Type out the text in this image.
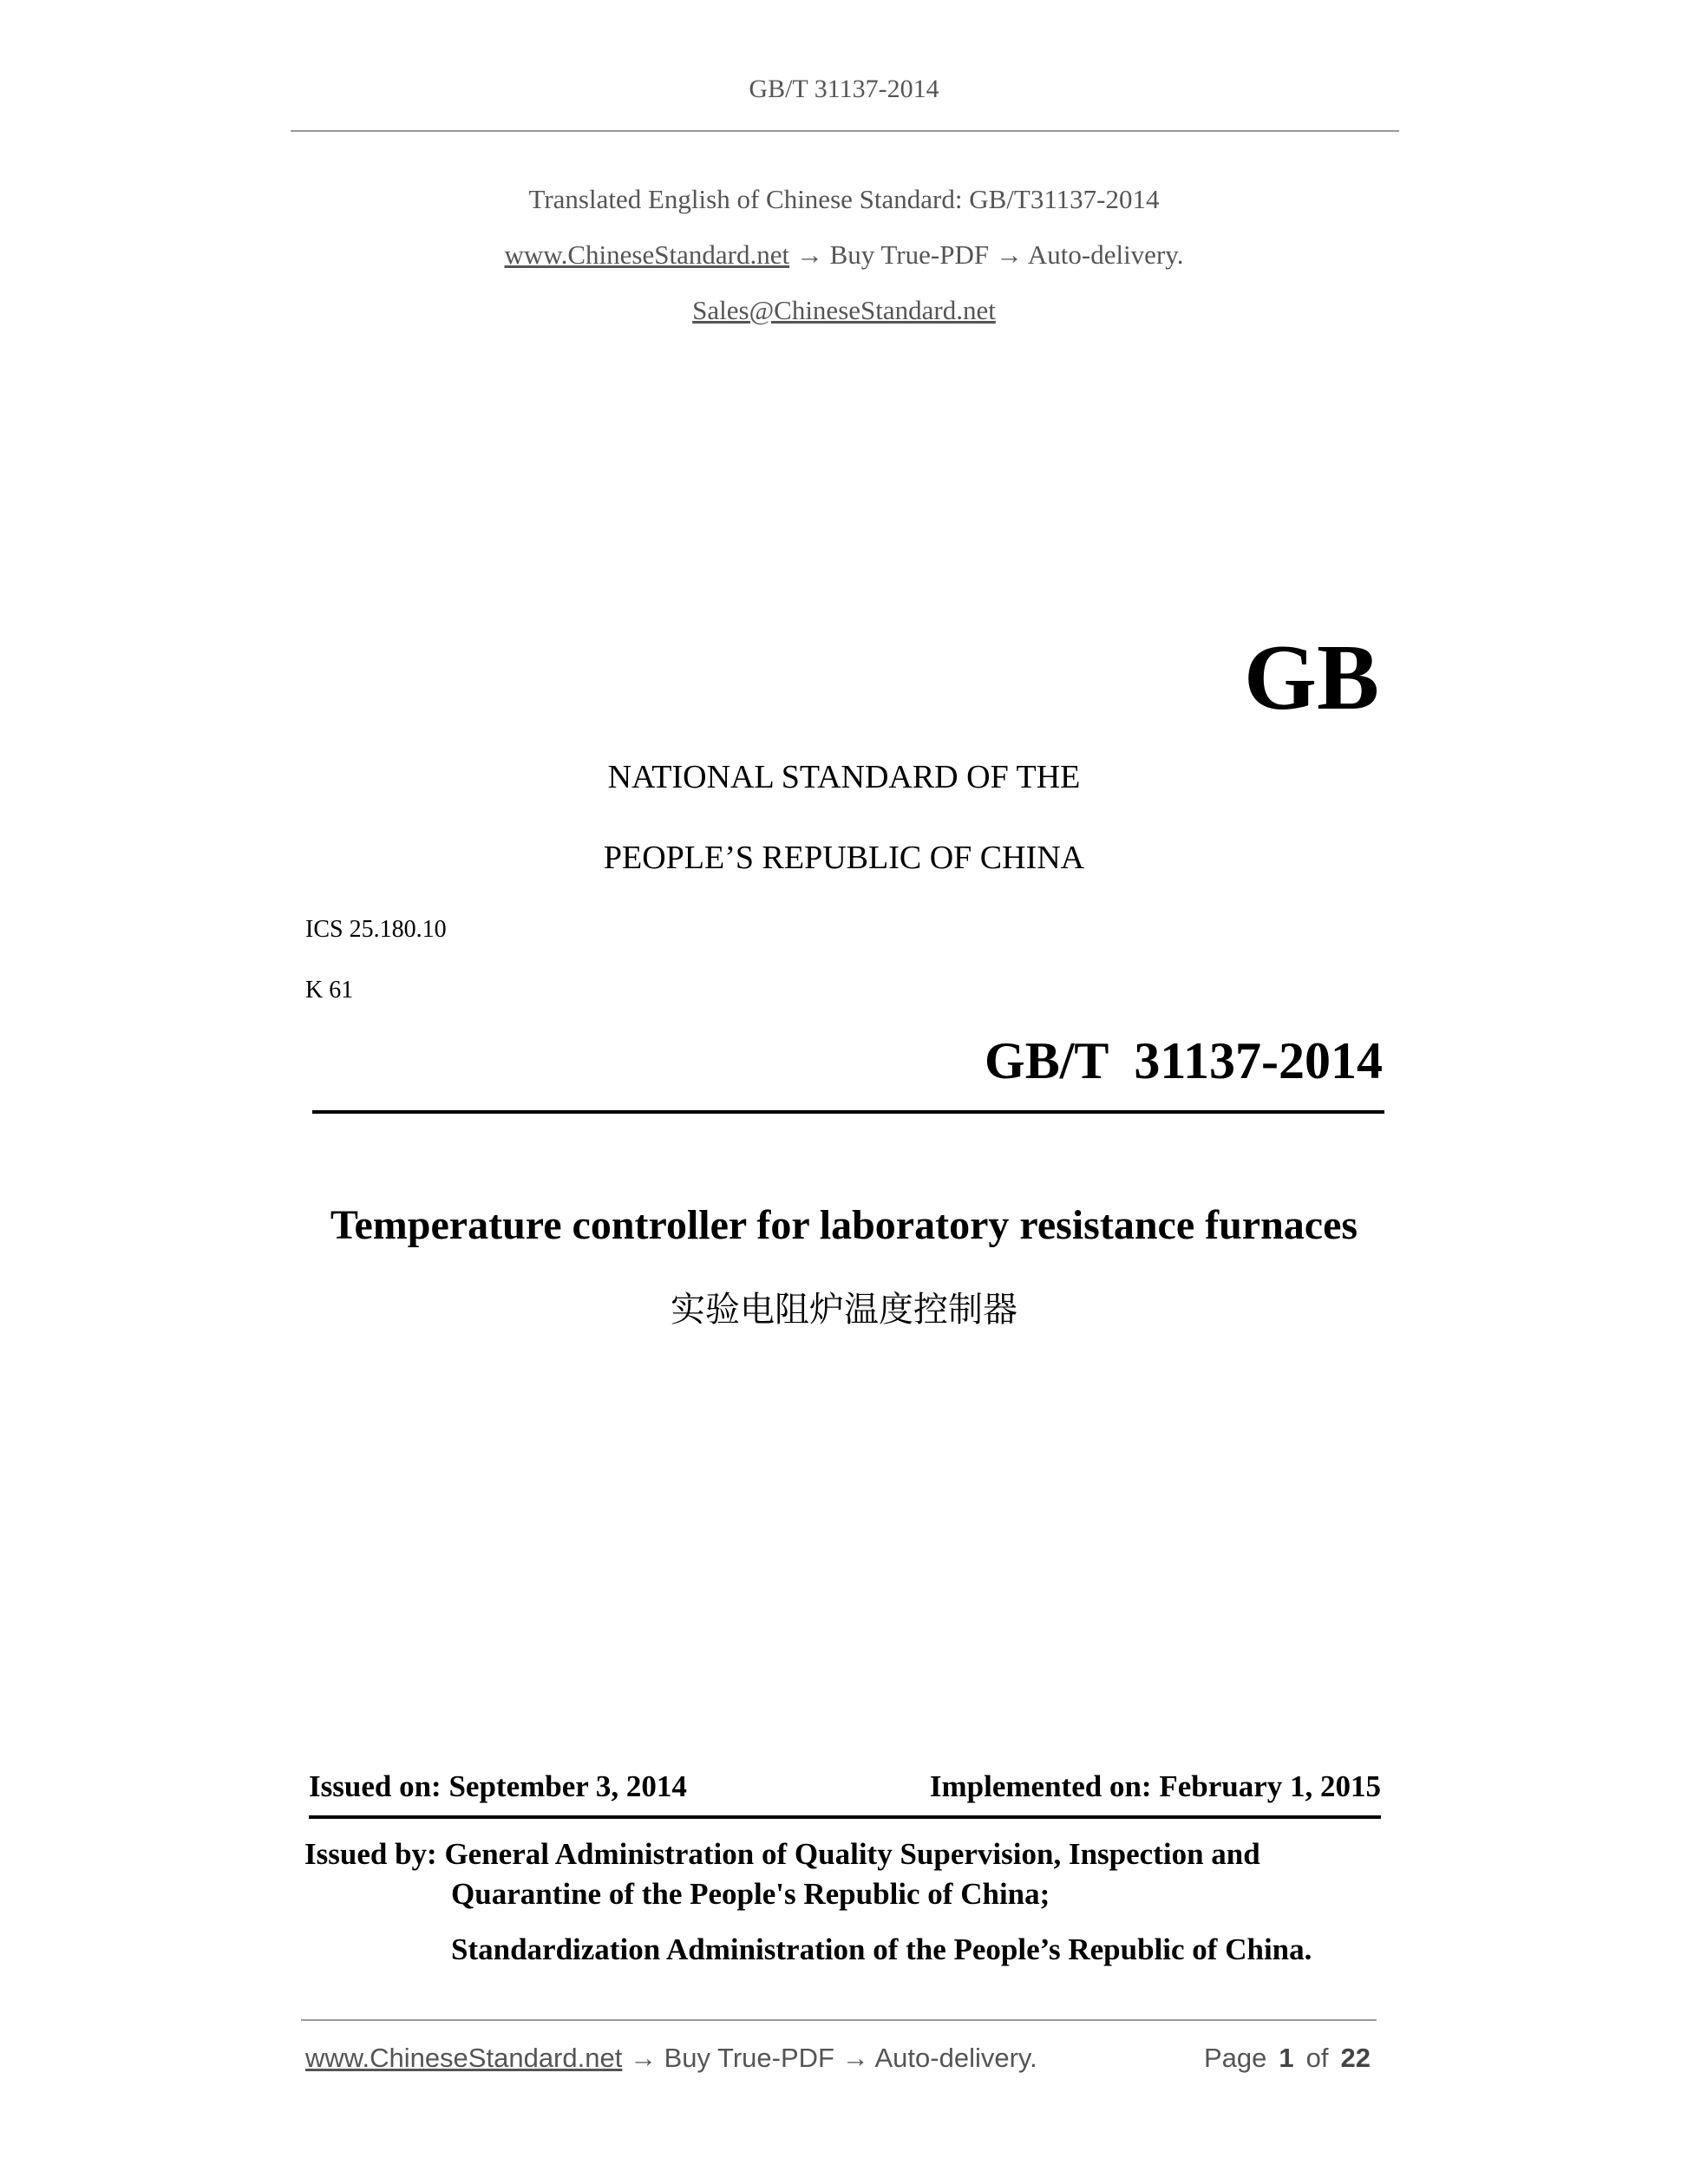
GB/T 31137-2014
Translated English of Chinese Standard: GB/T31137-2014
www.ChineseStandard.net → Buy True-PDF → Auto-delivery.
Sales@ChineseStandard.net
GB
NATIONAL STANDARD OF THE
PEOPLE’S REPUBLIC OF CHINA
ICS 25.180.10
K 61
GB/T  31137-2014
Temperature controller for laboratory resistance furnaces
实验电阻炉温度控制器
Issued on: September 3, 2014	Implemented on: February 1, 2015
Issued by: General Administration of Quality Supervision, Inspection and
Quarantine of the People's Republic of China;
Standardization Administration of the People’s Republic of China.
www.ChineseStandard.net → Buy True-PDF → Auto-delivery.	Page 1 of 22
